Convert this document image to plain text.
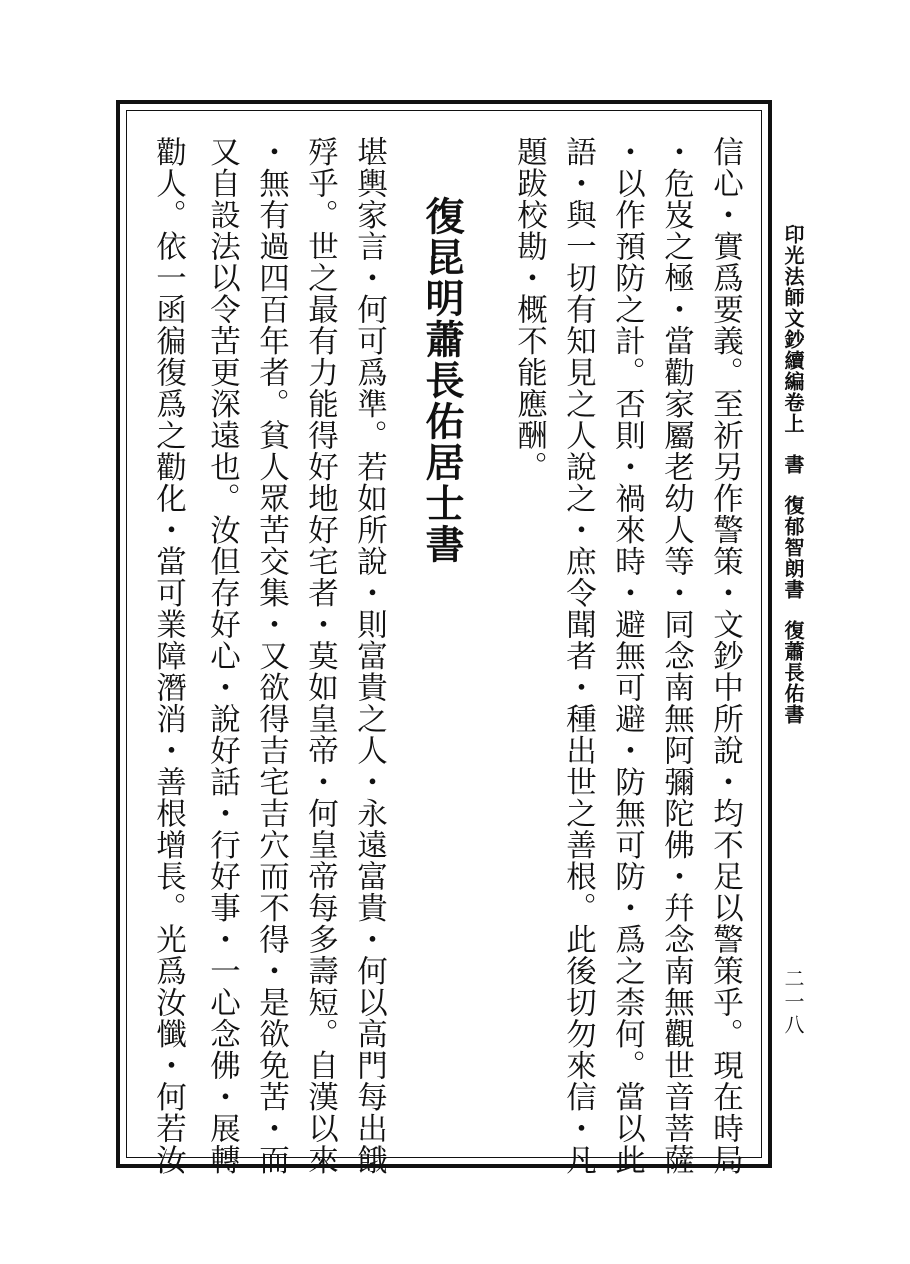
印光法師文鈔續編卷上書復郁智朗書復蕭長佑書
二一八
信心・實爲要義。至祈另作警策・文鈔中所說・均不足以警策乎。現在時局
・危岌之極・當勸家屬老幼人等・同念南無阿彌陀佛・幷念南無觀世音菩薩
・以作預防之計。否則・禍來時・避無可避・防無可防・爲之柰何。當以此
語・與一切有知見之人說之・庶令聞者・種出世之善根。此後切勿來信・凡
題跋校勘・概不能應酬。
復昆明蕭長佑居士書
堪輿家言・何可爲準。若如所說・則富貴之人・永遠富貴・何以高門每出餓
殍乎。世之最有力能得好地好宅者・莫如皇帝・何皇帝每多壽短。自漢以來
・無有過四百年者。貧人眾苦交集・又欲得吉宅吉穴而不得・是欲免苦・而
又自設法以令苦更深遠也。汝但存好心・說好話・行好事・一心念佛・展轉
勸人。依一函徧復爲之勸化・當可業障潛消・善根增長。光爲汝懺・何若汝
